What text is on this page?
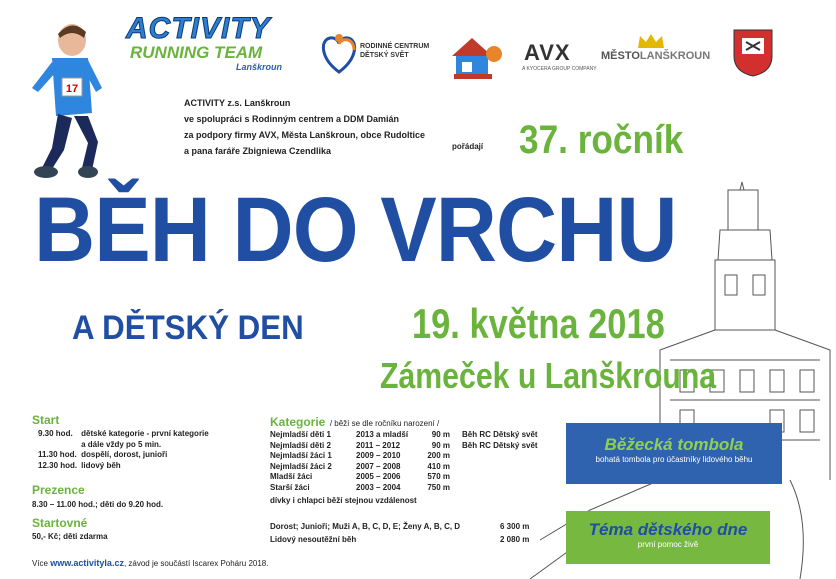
17
ACTIVITY
RUNNING TEAM
Lanškroun
RODINNÉ CENTRUM
DĚTSKÝ SVĚT	AVX
A KYOCERA GROUP COMPANY
MĚSTOLANŠKROUN
ACTIVITY z.s. Lanškroun
ve spolupráci s Rodinným centrem a DDM Damián
za podpory firmy AVX, Města Lanškroun, obce Rudoltice
a pana faráře Zbigniewa Czendlika	pořádají 37. ročník
BĚH DO VRCHU
A DĚTSKÝ DEN	19. května 2018
Zámeček u Lanškrouna
Start
9.30 hod.	dětské kategorie - první kategorie
	a dále vždy po 5 min.
11.30 hod.	dospělí, dorost, junioři
12.30 hod.	lidový běh
Prezence
8.30 – 11.00 hod.; děti do 9.20 hod.
Startovné
50,- Kč; děti zdarma
Kategorie / běží se dle ročníku narození /
Nejmladší děti 1	2013 a mladší	90 m	Běh RC Dětský svět
Nejmladší děti 2	2011 – 2012	90 m	Běh RC Dětský svět
Nejmladší žáci 1	2009 – 2010	200 m	
Nejmladší žáci 2	2007 – 2008	410 m	
Mladší žáci	2005 – 2006	570 m	
Starší žáci	2003 – 2004	750 m	
dívky i chlapci běží stejnou vzdálenost
Dorost; Junioři; Muži A, B, C, D, E; Ženy A, B, C, D	6 300 m
Lidový nesoutěžní běh	2 080 m
Běžecká tombola
bohatá tombola pro účastníky lidového běhu
Téma dětského dne
první pomoc živě
Více www.activityla.cz, závod je součástí Iscarex Poháru 2018.
